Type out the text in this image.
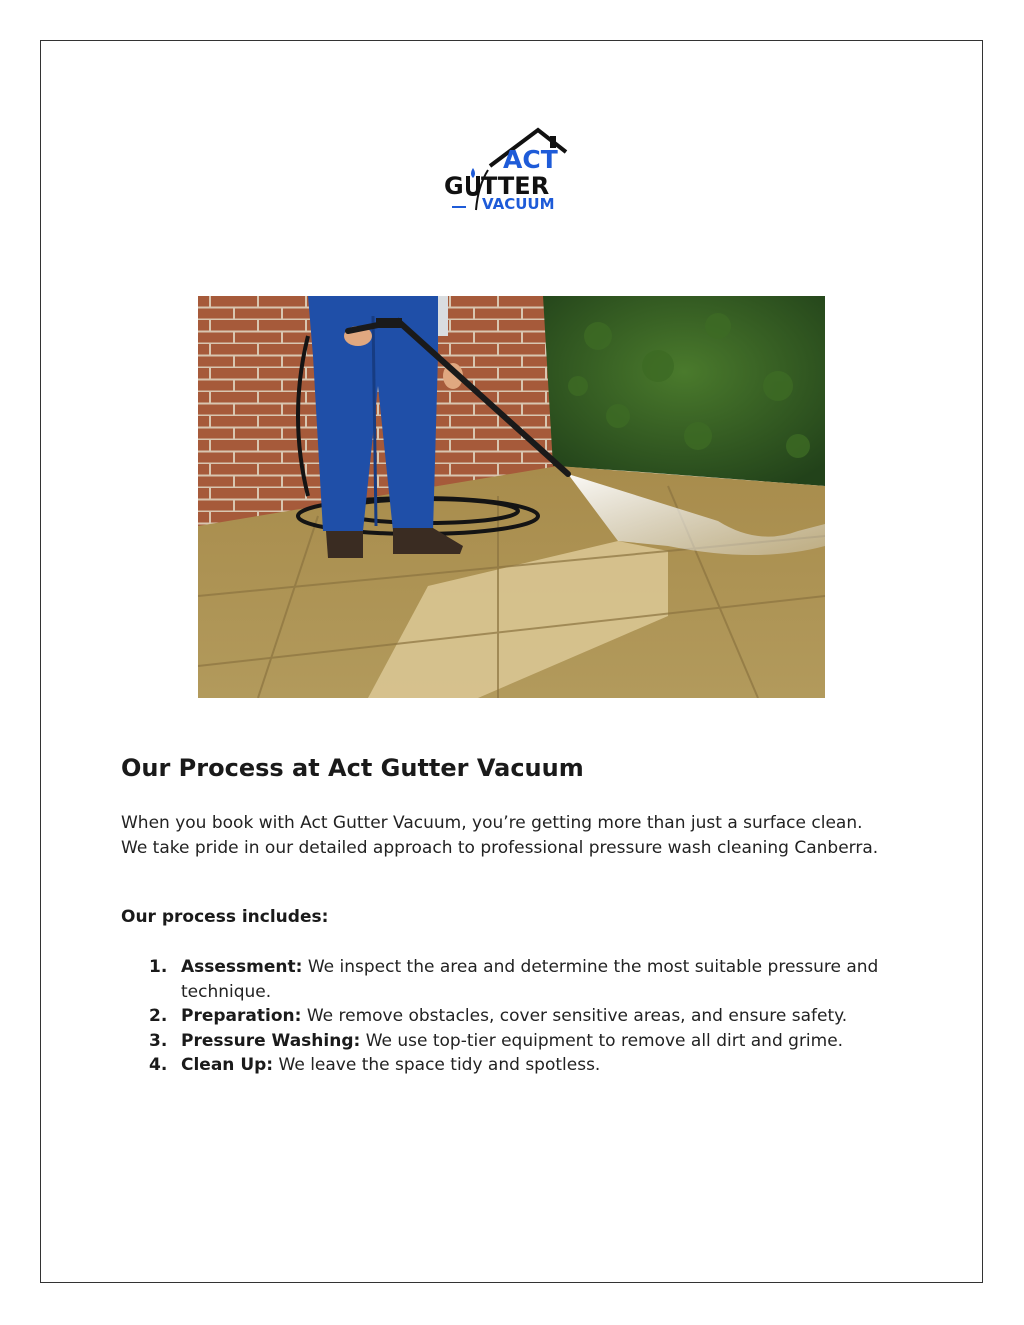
ACT
G TTER
VACUUM
Our Process at Act Gutter Vacuum

When you book with Act Gutter Vacuum, you’re getting more than just a surface clean. We take pride in our detailed approach to professional pressure wash cleaning Canberra.

Our process includes:

1. Assessment: We inspect the area and determine the most suitable pressure and technique.
2. Preparation: We remove obstacles, cover sensitive areas, and ensure safety.
3. Pressure Washing: We use top-tier equipment to remove all dirt and grime.
4. Clean Up: We leave the space tidy and spotless.
